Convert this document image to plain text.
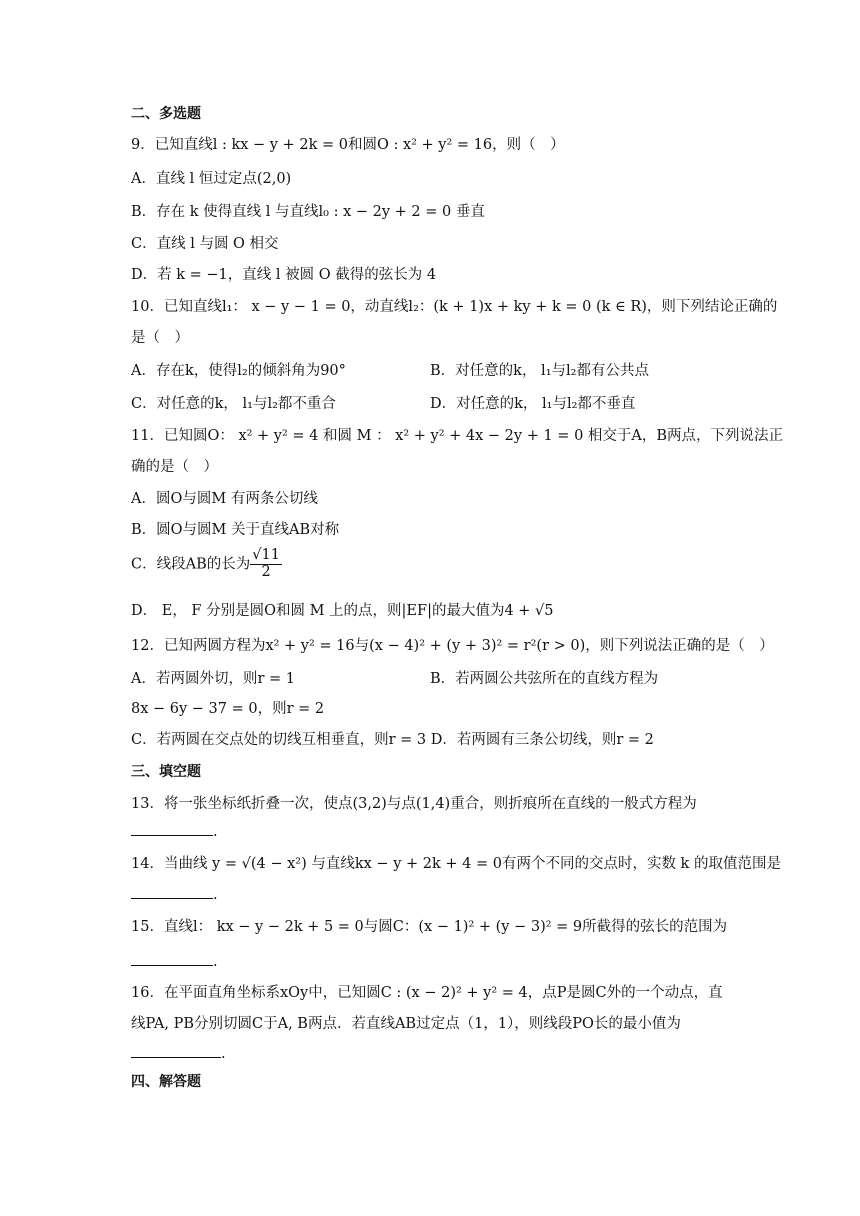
二、多选题
9．已知直线l : kx − y + 2k = 0和圆O : x² + y² = 16，则（　）
A．直线 l 恒过定点(2,0)
B．存在 k 使得直线 l 与直线l₀ : x − 2y + 2 = 0 垂直
C．直线 l 与圆 O 相交
D．若 k = −1，直线 l 被圆 O 截得的弦长为 4
10．已知直线l₁： x − y − 1 = 0，动直线l₂：(k + 1)x + ky + k = 0 (k ∈ R)，则下列结论正确的
是（　）
A．存在k，使得l₂的倾斜角为90°	B．对任意的k， l₁与l₂都有公共点
C．对任意的k， l₁与l₂都不重合	D．对任意的k， l₁与l₂都不垂直
11．已知圆O： x² + y² = 4 和圆 M ： x² + y² + 4x − 2y + 1 = 0 相交于A，B两点，下列说法正
确的是（　）
A．圆O与圆M 有两条公切线
B．圆O与圆M 关于直线AB对称
C．线段AB的长为 $\frac{√11}{2}$
D． E， F 分别是圆O和圆 M 上的点，则|EF|的最大值为4 + √5
12．已知两圆方程为x² + y² = 16与(x − 4)² + (y + 3)² = r²(r > 0)，则下列说法正确的是（　）
A．若两圆外切，则r = 1	B．若两圆公共弦所在的直线方程为
8x − 6y − 37 = 0，则r = 2
C．若两圆在交点处的切线互相垂直，则r = 3 D．若两圆有三条公切线，则r = 2
三、填空题
13．将一张坐标纸折叠一次，使点(3,2)与点(1,4)重合，则折痕所在直线的一般式方程为
.
14．当曲线 y = √(4 − x²) 与直线kx − y + 2k + 4 = 0有两个不同的交点时，实数 k 的取值范围是
.
15．直线l： kx − y − 2k + 5 = 0与圆C：(x − 1)² + (y − 3)² = 9所截得的弦长的范围为
.
16．在平面直角坐标系xOy中，已知圆C : (x − 2)² + y² = 4，点P是圆C外的一个动点，直
线PA, PB分别切圆C于A, B两点．若直线AB过定点（1，1），则线段PO长的最小值为
.
四、解答题
